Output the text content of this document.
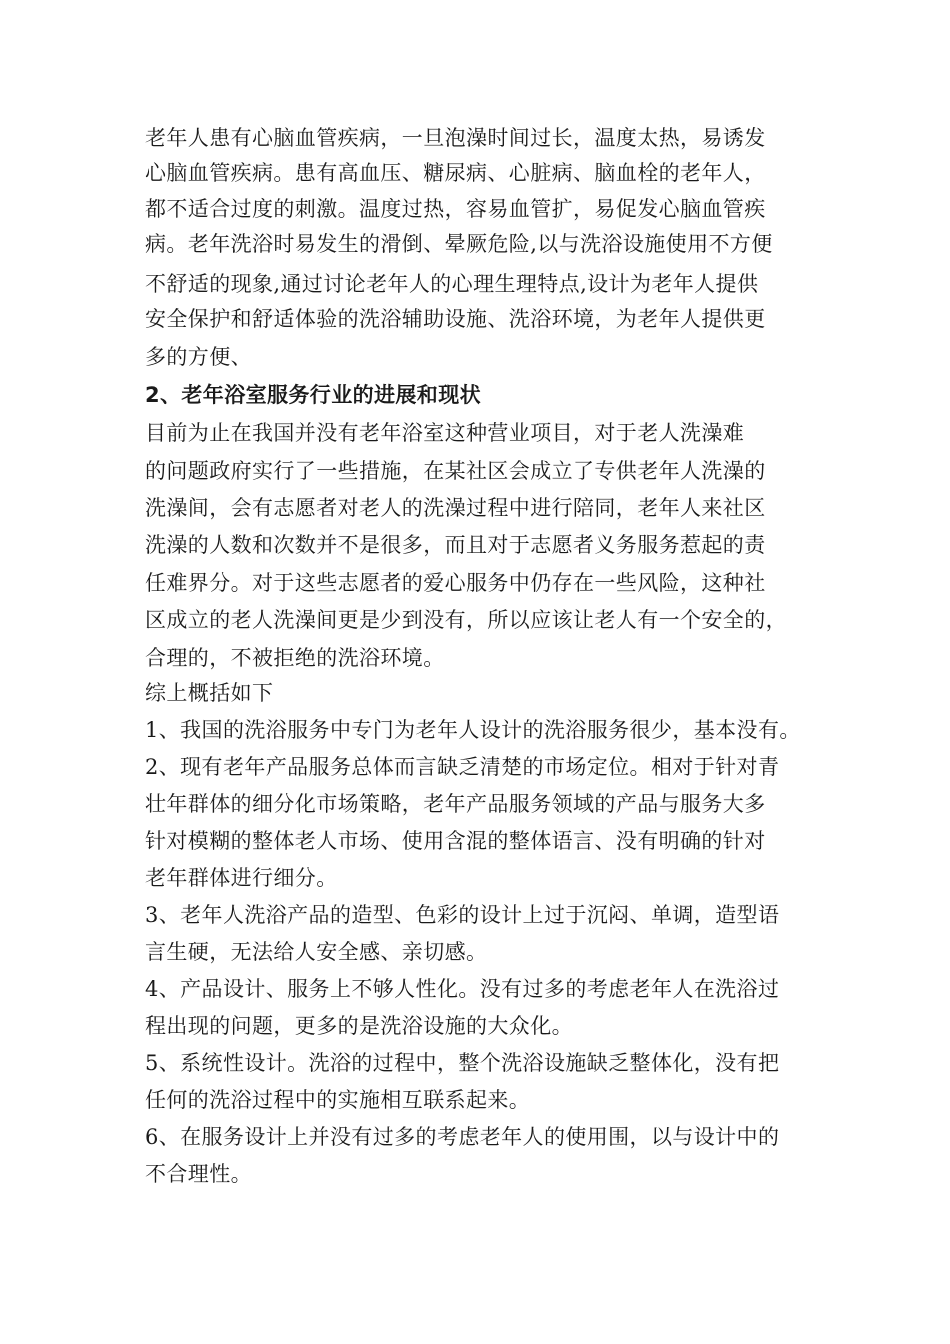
老年人患有心脑血管疾病，一旦泡澡时间过长，温度太热，易诱发
心脑血管疾病。患有高血压、糖尿病、心脏病、脑血栓的老年人，
都不适合过度的刺激。温度过热，容易血管扩，易促发心脑血管疾
病。老年洗浴时易发生的滑倒、晕厥危险,以与洗浴设施使用不方便
不舒适的现象,通过讨论老年人的心理生理特点,设计为老年人提供
安全保护和舒适体验的洗浴辅助设施、洗浴环境，为老年人提供更
多的方便、
2、老年浴室服务行业的进展和现状
目前为止在我国并没有老年浴室这种营业项目，对于老人洗澡难
的问题政府实行了一些措施，在某社区会成立了专供老年人洗澡的
洗澡间，会有志愿者对老人的洗澡过程中进行陪同，老年人来社区
洗澡的人数和次数并不是很多，而且对于志愿者义务服务惹起的责
任难界分。对于这些志愿者的爱心服务中仍存在一些风险，这种社
区成立的老人洗澡间更是少到没有，所以应该让老人有一个安全的，
合理的，不被拒绝的洗浴环境。
综上概括如下
1、我国的洗浴服务中专门为老年人设计的洗浴服务很少，基本没有。
2、现有老年产品服务总体而言缺乏清楚的市场定位。相对于针对青
壮年群体的细分化市场策略，老年产品服务领域的产品与服务大多
针对模糊的整体老人市场、使用含混的整体语言、没有明确的针对
老年群体进行细分。
3、老年人洗浴产品的造型、色彩的设计上过于沉闷、单调，造型语
言生硬，无法给人安全感、亲切感。
4、产品设计、服务上不够人性化。没有过多的考虑老年人在洗浴过
程出现的问题，更多的是洗浴设施的大众化。
5、系统性设计。洗浴的过程中，整个洗浴设施缺乏整体化，没有把
任何的洗浴过程中的实施相互联系起来。
6、在服务设计上并没有过多的考虑老年人的使用围，以与设计中的
不合理性。
